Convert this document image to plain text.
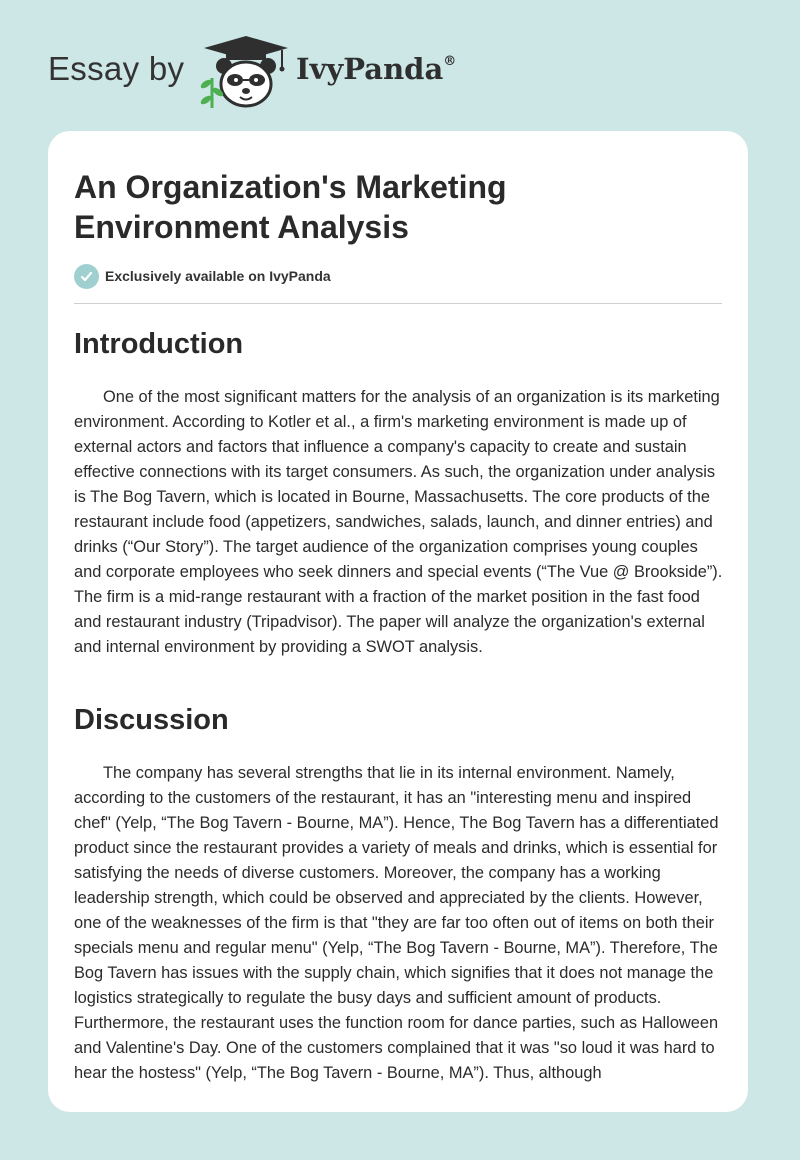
Essay by	IvyPanda®
An Organization's Marketing Environment Analysis
Exclusively available on IvyPanda
Introduction

One of the most significant matters for the analysis of an organization is its marketing environment. According to Kotler et al., a firm's marketing environment is made up of external actors and factors that influence a company's capacity to create and sustain effective connections with its target consumers. As such, the organization under analysis is The Bog Tavern, which is located in Bourne, Massachusetts. The core products of the restaurant include food (appetizers, sandwiches, salads, launch, and dinner entries) and drinks (“Our Story”). The target audience of the organization comprises young couples and corporate employees who seek dinners and special events (“The Vue @ Brookside”). The firm is a mid-range restaurant with a fraction of the market position in the fast food and restaurant industry (Tripadvisor). The paper will analyze the organization's external and internal environment by providing a SWOT analysis.

Discussion

The company has several strengths that lie in its internal environment. Namely, according to the customers of the restaurant, it has an "interesting menu and inspired chef" (Yelp, “The Bog Tavern - Bourne, MA”). Hence, The Bog Tavern has a differentiated product since the restaurant provides a variety of meals and drinks, which is essential for satisfying the needs of diverse customers. Moreover, the company has a working leadership strength, which could be observed and appreciated by the clients. However, one of the weaknesses of the firm is that "they are far too often out of items on both their specials menu and regular menu" (Yelp, “The Bog Tavern - Bourne, MA”). Therefore, The Bog Tavern has issues with the supply chain, which signifies that it does not manage the logistics strategically to regulate the busy days and sufficient amount of products. Furthermore, the restaurant uses the function room for dance parties, such as Halloween and Valentine's Day. One of the customers complained that it was "so loud it was hard to hear the hostess" (Yelp, “The Bog Tavern - Bourne, MA”). Thus, although
